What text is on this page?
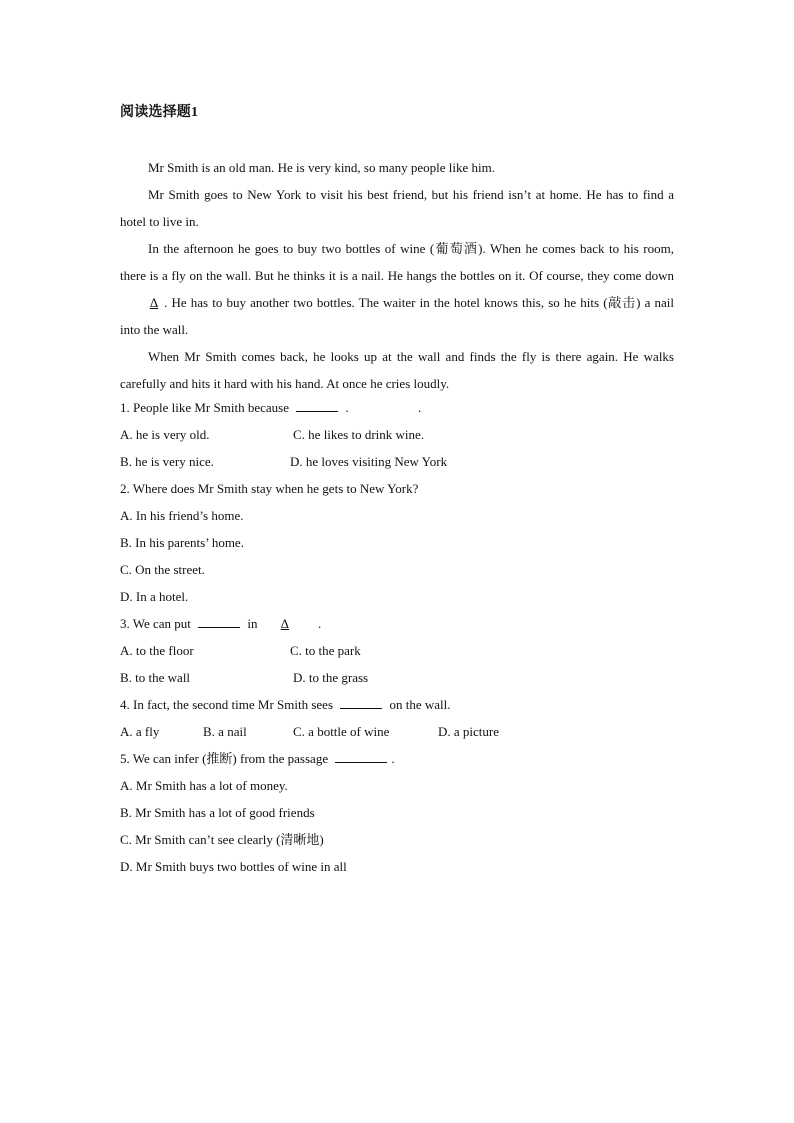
阅读选择题1

Mr Smith is an old man. He is very kind, so many people like him.

Mr Smith goes to New York to visit his best friend, but his friend isn’t at home. He has to find a hotel to live in.

In the afternoon he goes to buy two bottles of wine (葡萄酒). When he comes back to his room, there is a fly on the wall. But he thinks it is a nail. He hangs the bottles on it. Of course, they come down Δ . He has to buy another two bottles. The waiter in the hotel knows this, so he hits (敲击) a nail into the wall.

When Mr Smith comes back, he looks up at the wall and finds the fly is there again. He walks carefully and hits it hard with his hand. At once he cries loudly.

1. People like Mr Smith because	.	.
A. he is very old.	C. he likes to drink wine.
B. he is very nice.	D. he loves visiting New York
2. Where does Mr Smith stay when he gets to New York?
A. In his friend’s home.
B. In his parents’ home.
C. On the street.
D. In a hotel.
3. We can put	in Δ .
A. to the floor	C. to the park
B. to the wall	D. to the grass
4. In fact, the second time Mr Smith sees	on the wall.
A. a fly	B. a nail	C. a bottle of wine	D. a picture
5. We can infer (推断) from the passage	.
A. Mr Smith has a lot of money.
B. Mr Smith has a lot of good friends
C. Mr Smith can’t see clearly (清晰地)
D. Mr Smith buys two bottles of wine in all
